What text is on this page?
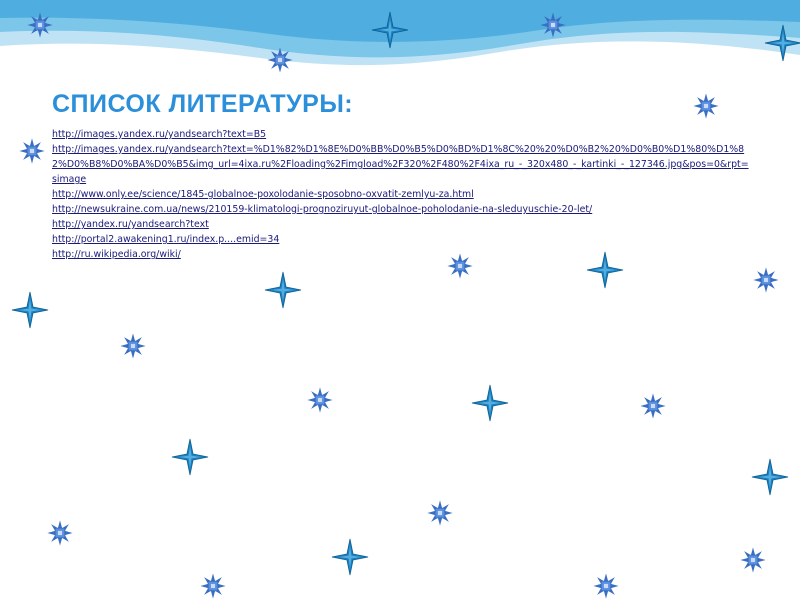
СПИСОК ЛИТЕРАТУРЫ:
http://images.yandex.ru/yandsearch?text=B5
http://images.yandex.ru/yandsearch?text=%D1%82%D1%8E%D0%BB%D0%B5%D0%BD%D1%8C%20%20%D0%B2%20%D0%B0%D1%80%D1%82%D0%B8%D0%BA%D0%B5&img_url=4ixa.ru%2Floading%2Fimgload%2F320%2F480%2F4ixa_ru_-_320x480_-_kartinki_-_127346.jpg&pos=0&rpt=simage
http://www.only.ee/science/1845-globalnoe-poxolodanie-sposobno-oxvatit-zemlyu-za.html
http://newsukraine.com.ua/news/210159-klimatologi-prognoziruyut-globalnoe-poholodanie-na-sleduyuschie-20-let/
http://yandex.ru/yandsearch?text
http://portal2.awakening1.ru/index.p....emid=34
http://ru.wikipedia.org/wiki/
